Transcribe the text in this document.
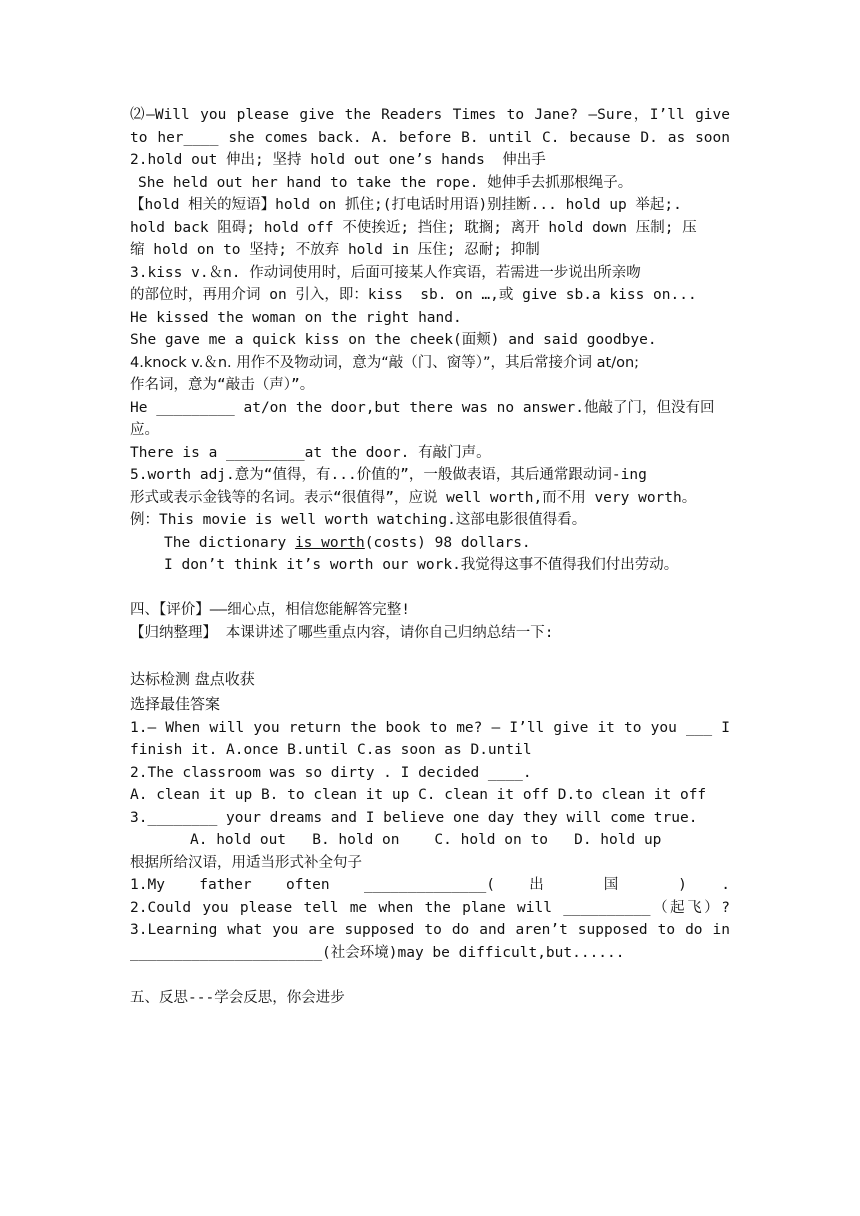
⑵—Will you please give the Readers Times to Jane? —Sure，I’ll give
to her____ she comes back. A. before B. until C. because D. as soon
2.hold out 伸出; 坚持 hold out one’s hands  伸出手
She held out her hand to take the rope. 她伸手去抓那根绳子。
【hold 相关的短语】hold on 抓住;(打电话时用语)别挂断... hold up 举起;.
hold back 阻碍; hold off 不使挨近; 挡住; 耽搁; 离开 hold down 压制; 压
缩 hold on to 坚持; 不放弃 hold in 压住; 忍耐; 抑制
3.kiss v.＆n. 作动词使用时，后面可接某人作宾语，若需进一步说出所亲吻
的部位时，再用介词 on 引入，即：kiss  sb. on …,或 give sb.a kiss on...
He kissed the woman on the right hand.
She gave me a quick kiss on the cheek(面颊) and said goodbye.
4.knock v.＆n. 用作不及物动词，意为“敲（门、窗等）”，其后常接介词 at/on;
作名词，意为“敲击（声）”。
He _________ at/on the door,but there was no answer.他敲了门，但没有回
应。
There is a _________at the door. 有敲门声。
5.worth adj.意为“值得，有...价值的”，一般做表语，其后通常跟动词-ing
形式或表示金钱等的名词。表示“很值得”，应说 well worth,而不用 very worth。
例：This movie is well worth watching.这部电影很值得看。
The dictionary is worth(costs) 98 dollars.
I don’t think it’s worth our work.我觉得这事不值得我们付出劳动。
四、【评价】——细心点，相信您能解答完整!
【归纳整理】 本课讲述了哪些重点内容，请你自己归纳总结一下:
达标检测 盘点收获
选择最佳答案
1.— When will you return the book to me? — I’ll give it to you ___ I
finish it. A.once B.until C.as soon as D.until
2.The classroom was so dirty . I decided ____.
A. clean it up B. to clean it up C. clean it off D.to clean it off
3.________ your dreams and I believe one day they will come true.
A. hold out   B. hold on    C. hold on to   D. hold up
根据所给汉语，用适当形式补全句子
1.My father often ______________( 出 国 ) .
2.Could you please tell me when the plane will __________（起飞）?
3.Learning what you are supposed to do and aren’t supposed to do in
______________________(社会环境)may be difficult,but......
五、反思---学会反思，你会进步
